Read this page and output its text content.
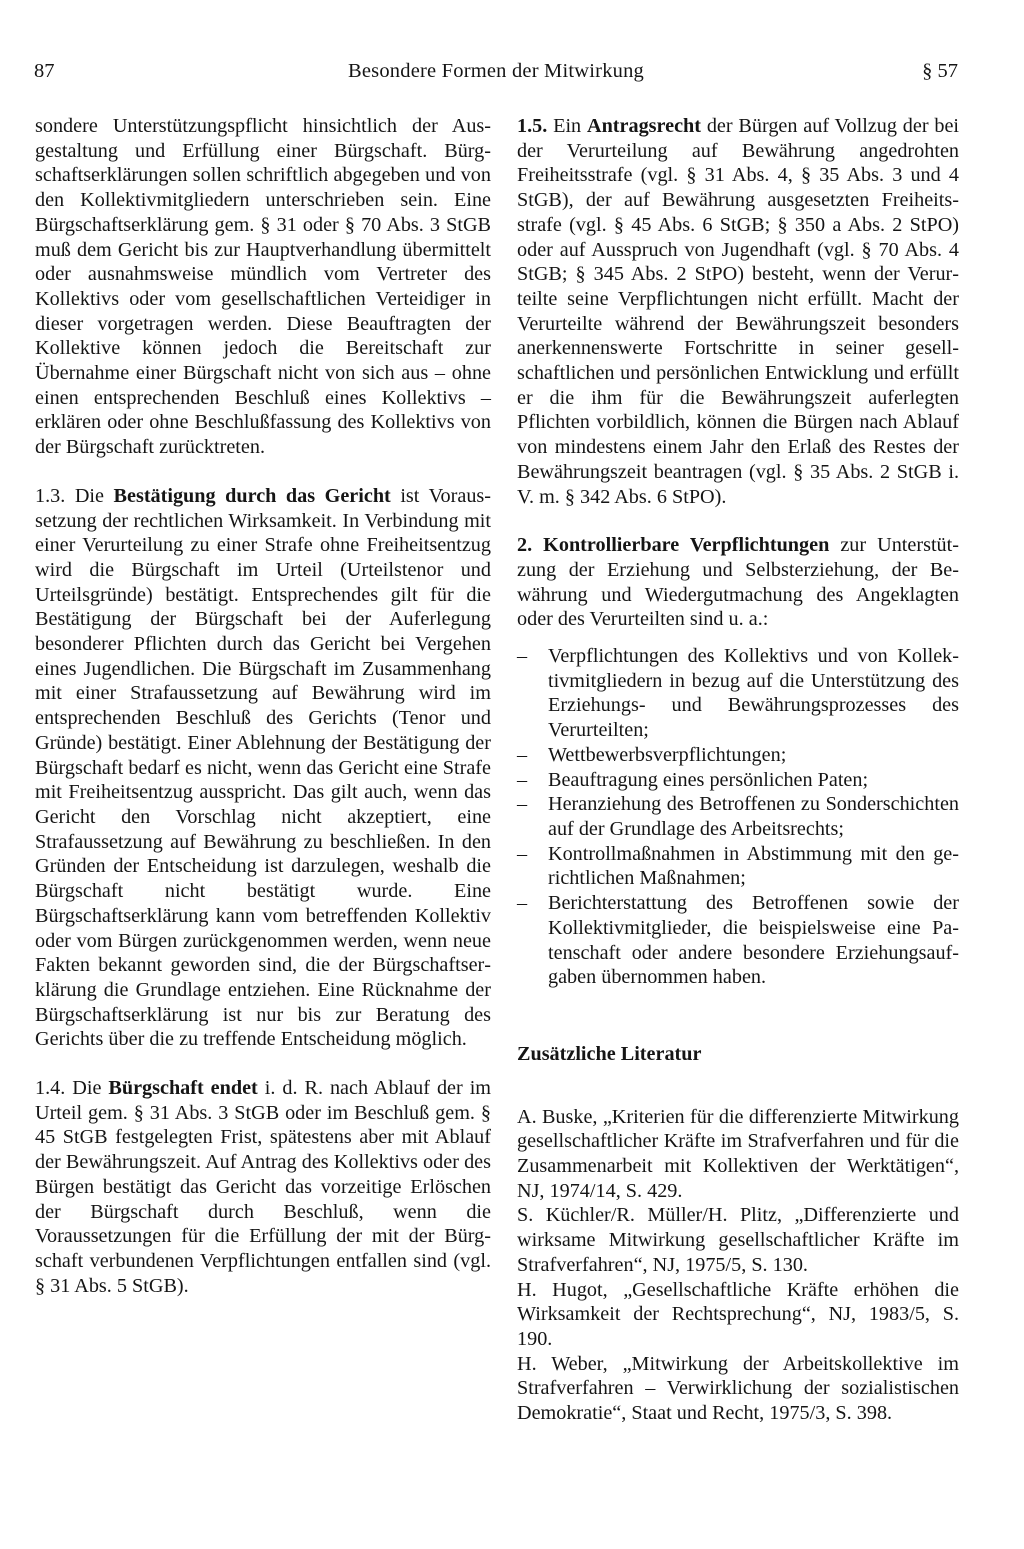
87	Besondere Formen der Mitwirkung	§ 57

sondere Unterstützungspflicht hinsichtlich der Ausgestaltung und Erfüllung einer Bürgschaft. Bürgschaftserklärungen sollen schriftlich abgegeben und von den Kollektivmitgliedern unterschrieben sein. Eine Bürgschaftserklärung gem. § 31 oder § 70 Abs. 3 StGB muß dem Gericht bis zur Hauptverhandlung übermittelt oder ausnahmsweise mündlich vom Vertreter des Kollektivs oder vom gesellschaftlichen Verteidiger in dieser vorgetragen werden. Diese Beauftragten der Kollektive können jedoch die Bereitschaft zur Übernahme einer Bürgschaft nicht von sich aus – ohne einen entsprechenden Beschluß eines Kollektivs – erklären oder ohne Beschlußfassung des Kollektivs von der Bürgschaft zurücktreten.

1.3. Die Bestätigung durch das Gericht ist Voraussetzung der rechtlichen Wirksamkeit. In Verbindung mit einer Verurteilung zu einer Strafe ohne Freiheitsentzug wird die Bürgschaft im Urteil (Urteilstenor und Urteilsgründe) bestätigt. Entsprechendes gilt für die Bestätigung der Bürgschaft bei der Auferlegung besonderer Pflichten durch das Gericht bei Vergehen eines Jugendlichen. Die Bürgschaft im Zusammenhang mit einer Strafaussetzung auf Bewährung wird im entsprechenden Beschluß des Gerichts (Tenor und Gründe) bestätigt. Einer Ablehnung der Bestätigung der Bürgschaft bedarf es nicht, wenn das Gericht eine Strafe mit Freiheitsentzug ausspricht. Das gilt auch, wenn das Gericht den Vorschlag nicht akzeptiert, eine Strafaussetzung auf Bewährung zu beschließen. In den Gründen der Entscheidung ist darzulegen, weshalb die Bürgschaft nicht bestätigt wurde. Eine Bürgschaftserklärung kann vom betreffenden Kollektiv oder vom Bürgen zurückgenommen werden, wenn neue Fakten bekannt geworden sind, die der Bürgschaftserklärung die Grundlage entziehen. Eine Rücknahme der Bürgschaftserklärung ist nur bis zur Beratung des Gerichts über die zu treffende Entscheidung möglich.

1.4. Die Bürgschaft endet i. d. R. nach Ablauf der im Urteil gem. § 31 Abs. 3 StGB oder im Beschluß gem. § 45 StGB festgelegten Frist, spätestens aber mit Ablauf der Bewährungszeit. Auf Antrag des Kollektivs oder des Bürgen bestätigt das Gericht das vorzeitige Erlöschen der Bürgschaft durch Beschluß, wenn die Voraussetzungen für die Erfüllung der mit der Bürgschaft verbundenen Verpflichtungen entfallen sind (vgl. § 31 Abs. 5 StGB).

1.5. Ein Antragsrecht der Bürgen auf Vollzug der bei der Verurteilung auf Bewährung angedrohten Freiheitsstrafe (vgl. § 31 Abs. 4, § 35 Abs. 3 und 4 StGB), der auf Bewährung ausgesetzten Freiheitsstrafe (vgl. § 45 Abs. 6 StGB; § 350 a Abs. 2 StPO) oder auf Ausspruch von Jugendhaft (vgl. § 70 Abs. 4 StGB; § 345 Abs. 2 StPO) besteht, wenn der Verurteilte seine Verpflichtungen nicht erfüllt. Macht der Verurteilte während der Bewährungszeit besonders anerkennenswerte Fortschritte in seiner gesellschaftlichen und persönlichen Entwicklung und erfüllt er die ihm für die Bewährungszeit auferlegten Pflichten vorbildlich, können die Bürgen nach Ablauf von mindestens einem Jahr den Erlaß des Restes der Bewährungszeit beantragen (vgl. § 35 Abs. 2 StGB i. V. m. § 342 Abs. 6 StPO).

2. Kontrollierbare Verpflichtungen zur Unterstützung der Erziehung und Selbsterziehung, der Bewährung und Wiedergutmachung des Angeklagten oder des Verurteilten sind u. a.:

– Verpflichtungen des Kollektivs und von Kollektivmitgliedern in bezug auf die Unterstützung des Erziehungs- und Bewährungsprozesses des Verurteilten;
– Wettbewerbsverpflichtungen;
– Beauftragung eines persönlichen Paten;
– Heranziehung des Betroffenen zu Sonderschichten auf der Grundlage des Arbeitsrechts;
– Kontrollmaßnahmen in Abstimmung mit den gerichtlichen Maßnahmen;
– Berichterstattung des Betroffenen sowie der Kollektivmitglieder, die beispielsweise eine Patenschaft oder andere besondere Erziehungsaufgaben übernommen haben.
Zusätzliche Literatur

A. Buske, „Kriterien für die differenzierte Mitwirkung gesellschaftlicher Kräfte im Strafverfahren und für die Zusammenarbeit mit Kollektiven der Werktätigen“, NJ, 1974/14, S. 429.

S. Küchler/R. Müller/H. Plitz, „Differenzierte und wirksame Mitwirkung gesellschaftlicher Kräfte im Strafverfahren“, NJ, 1975/5, S. 130.

H. Hugot, „Gesellschaftliche Kräfte erhöhen die Wirksamkeit der Rechtsprechung“, NJ, 1983/5, S. 190.

H. Weber, „Mitwirkung der Arbeitskollektive im Strafverfahren – Verwirklichung der sozialistischen Demokratie“, Staat und Recht, 1975/3, S. 398.
